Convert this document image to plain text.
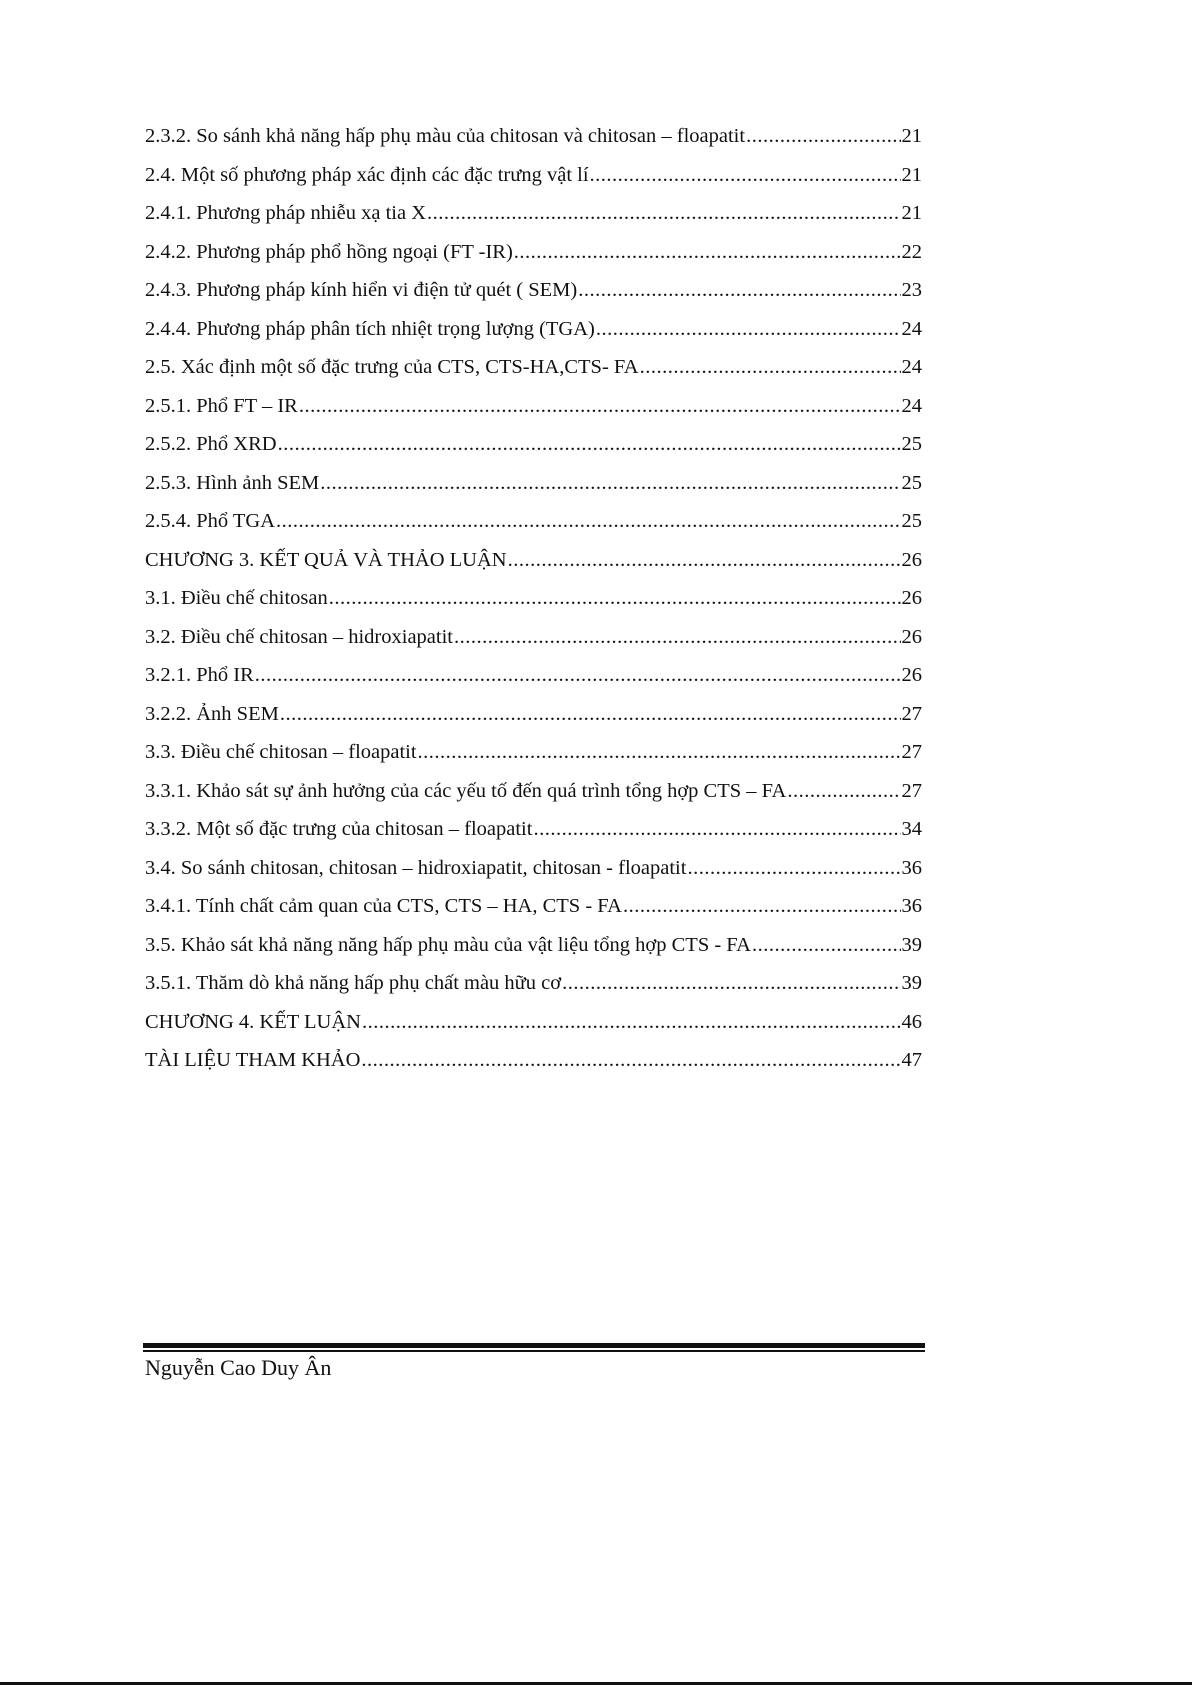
2.3.2. So sánh khả năng hấp phụ màu của chitosan và chitosan – floapatit .....	21
2.4. Một số phương pháp xác định các đặc trưng vật lí .....	21
2.4.1. Phương pháp nhiễu xạ tia X .....	21
2.4.2. Phương pháp phổ hồng ngoại (FT -IR) .....	22
2.4.3. Phương pháp kính hiển vi điện tử quét ( SEM) .....	23
2.4.4. Phương pháp phân tích nhiệt trọng lượng (TGA) .....	24
2.5. Xác định một số đặc trưng của CTS, CTS-HA,CTS- FA .....	24
2.5.1. Phổ FT – IR .....	24
2.5.2. Phổ XRD .....	25
2.5.3. Hình ảnh SEM .....	25
2.5.4. Phổ TGA .....	25
CHƯƠNG 3. KẾT QUẢ VÀ THẢO LUẬN .....	26
3.1. Điều chế chitosan .....	26
3.2. Điều chế chitosan – hidroxiapatit .....	26
3.2.1. Phổ IR .....	26
3.2.2. Ảnh SEM .....	27
3.3. Điều chế chitosan – floapatit .....	27
3.3.1. Khảo sát sự ảnh hưởng của các yếu tố đến quá trình tổng hợp CTS – FA .....	27
3.3.2. Một số đặc trưng của chitosan – floapatit .....	34
3.4. So sánh chitosan, chitosan – hidroxiapatit, chitosan - floapatit .....	36
3.4.1. Tính chất cảm quan của CTS, CTS – HA, CTS - FA .....	36
3.5. Khảo sát khả năng năng hấp phụ màu của vật liệu tổng hợp CTS - FA .....	39
3.5.1. Thăm dò khả năng hấp phụ chất màu hữu cơ .....	39
CHƯƠNG 4. KẾT LUẬN .....	46
TÀI LIỆU THAM KHẢO .....	47
Nguyễn Cao Duy Ân
